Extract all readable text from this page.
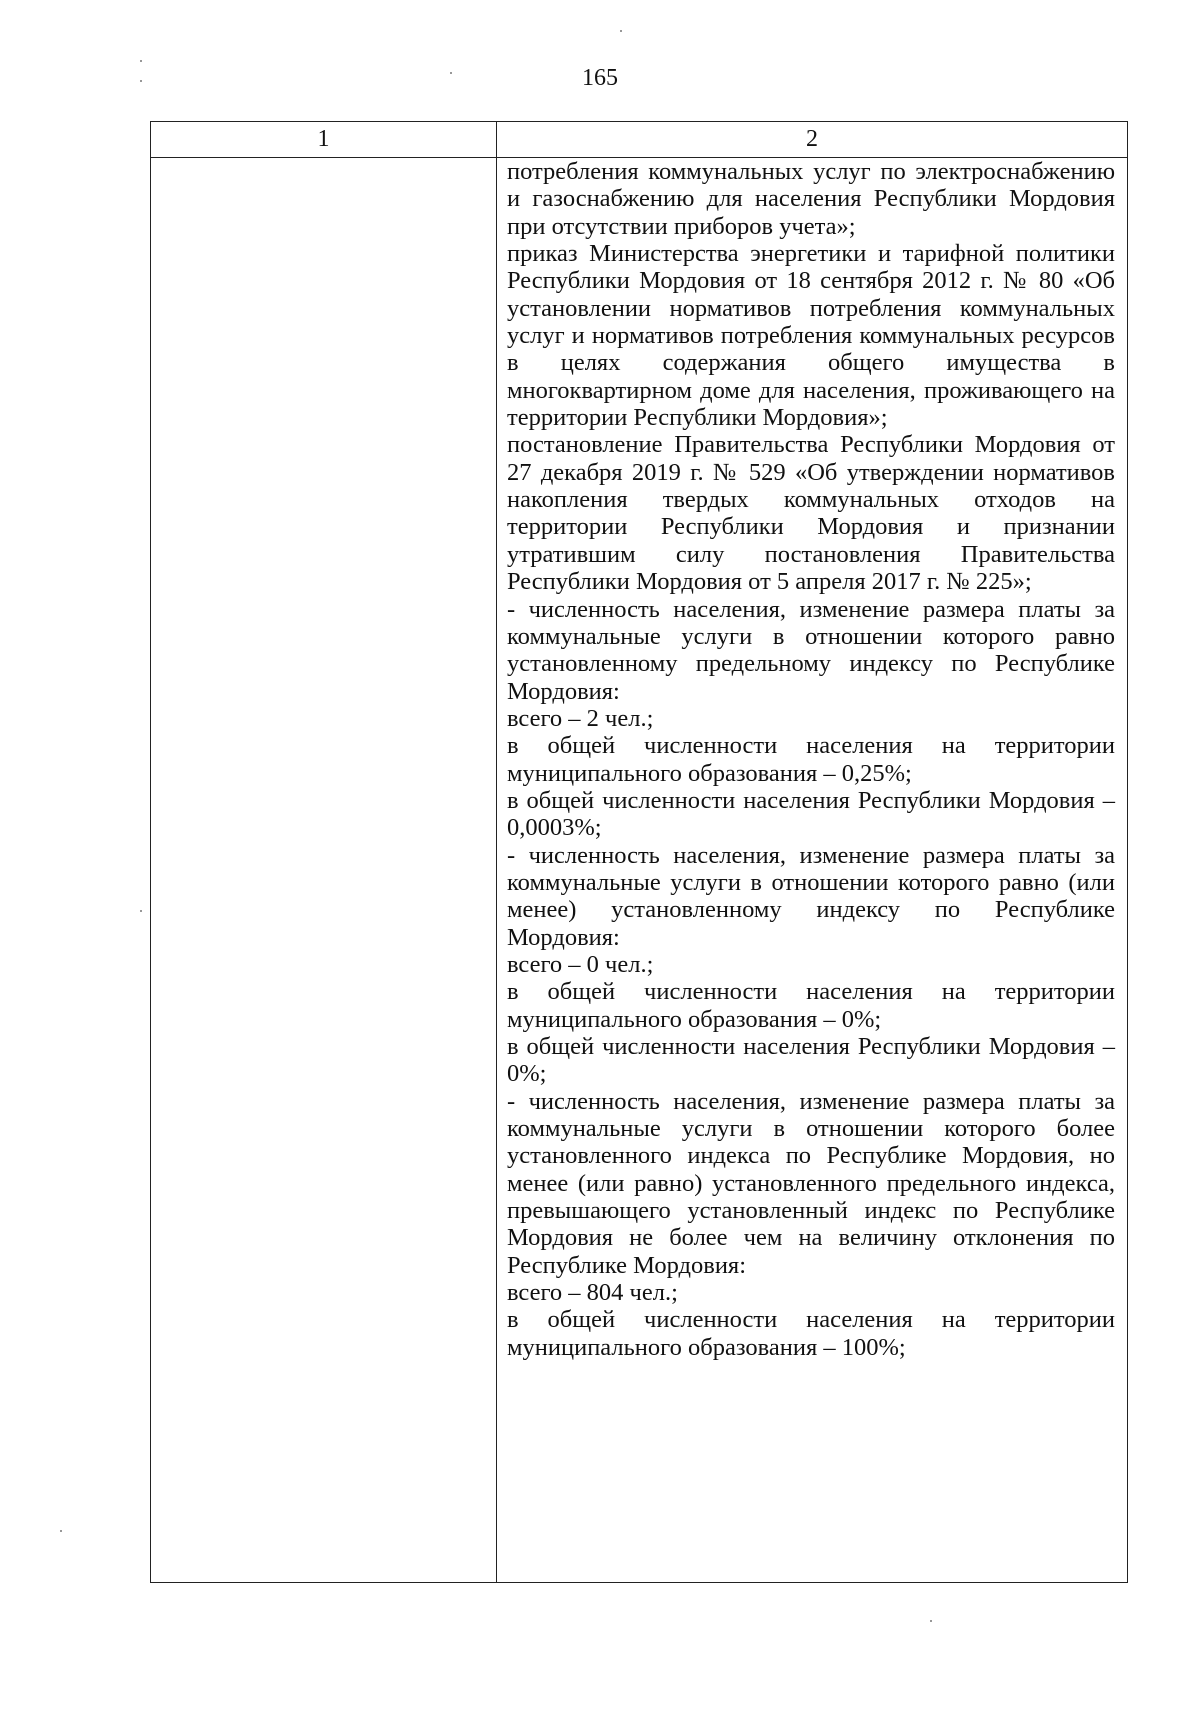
165
1	2

потребления коммунальных услуг по электроснабжению и газоснабжению для населения Республики Мордовия при отсутствии приборов учета»;

приказ Министерства энергетики и тарифной политики Республики Мордовия от 18 сентября 2012 г. № 80 «Об установлении нормативов потребления коммунальных услуг и нормативов потребления коммунальных ресурсов в целях содержания общего имущества в многоквартирном доме для населения, проживающего на территории Республики Мордовия»;

постановление Правительства Республики Мордовия от 27 декабря 2019 г. № 529 «Об утверждении нормативов накопления твердых коммунальных отходов на территории Республики Мордовия и признании утратившим силу постановления Правительства Республики Мордовия от 5 апреля 2017 г. № 225»;

- численность населения, изменение размера платы за коммунальные услуги в отношении которого равно установленному предельному индексу по Республике Мордовия:

всего – 2 чел.;

в общей численности населения на территории муниципального образования – 0,25%;

в общей численности населения Республики Мордовия – 0,0003%;

- численность населения, изменение размера платы за коммунальные услуги в отношении которого равно (или менее) установленному индексу по Республике Мордовия:

всего – 0 чел.;

в общей численности населения на территории муниципального образования – 0%;

в общей численности населения Республики Мордовия – 0%;

- численность населения, изменение размера платы за коммунальные услуги в отношении которого более установленного индекса по Республике Мордовия, но менее (или равно) установленного предельного индекса, превышающего установленный индекс по Республике Мордовия не более чем на величину отклонения по Республике Мордовия:

всего – 804 чел.;

в общей численности населения на территории муниципального образования – 100%;
